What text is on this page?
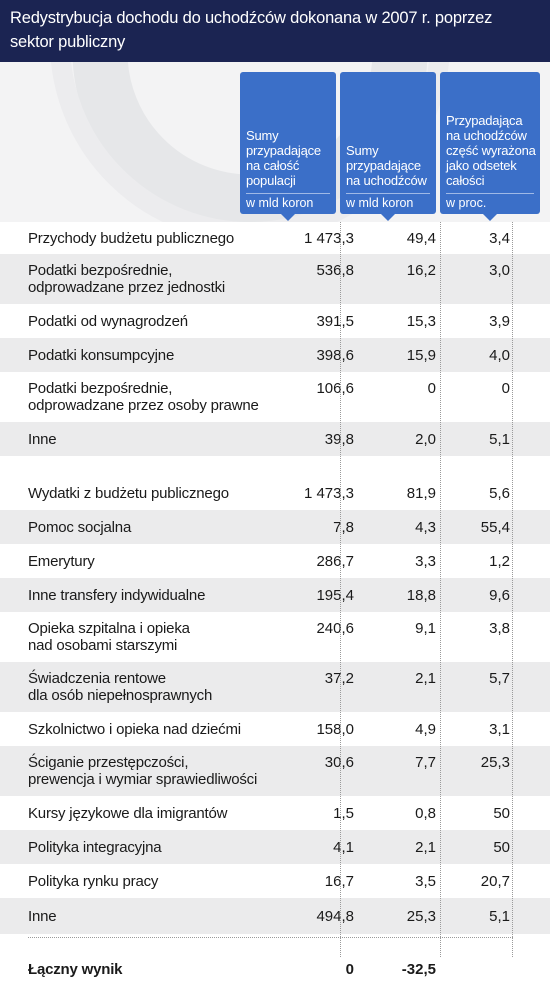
Redystrybucja dochodu do uchodźców dokonana w 2007 r. poprzez sektor publiczny
Sumy przypadające na całość populacji
w mld koron
Sumy przypadające na uchodźców
w mld koron
Przypadająca na uchodźców część wyrażona jako odsetek całości
w proc.
Przychody budżetu publicznego	1 473,3	49,4	3,4
Podatki bezpośrednie,
odprowadzane przez jednostki
536,8	16,2	3,0
Podatki od wynagrodzeń	391,5	15,3	3,9
Podatki konsumpcyjne	398,6	15,9	4,0
Podatki bezpośrednie,
odprowadzane przez osoby prawne
106,6	0	0
Inne	39,8	2,0	5,1
Wydatki z budżetu publicznego	1 473,3	81,9	5,6
Pomoc socjalna	7,8	4,3	55,4
Emerytury	286,7	3,3	1,2
Inne transfery indywidualne	195,4	18,8	9,6
Opieka szpitalna i opieka
nad osobami starszymi
240,6	9,1	3,8
Świadczenia rentowe
dla osób niepełnosprawnych
37,2	2,1	5,7
Szkolnictwo i opieka nad dziećmi	158,0	4,9	3,1
Ściganie przestępczości,
prewencja i wymiar sprawiedliwości
30,6	7,7	25,3
Kursy językowe dla imigrantów	1,5	0,8	50
Polityka integracyjna	4,1	2,1	50
Polityka rynku pracy	16,7	3,5	20,7
Inne	494,8	25,3	5,1
Łączny wynik	0	-32,5
